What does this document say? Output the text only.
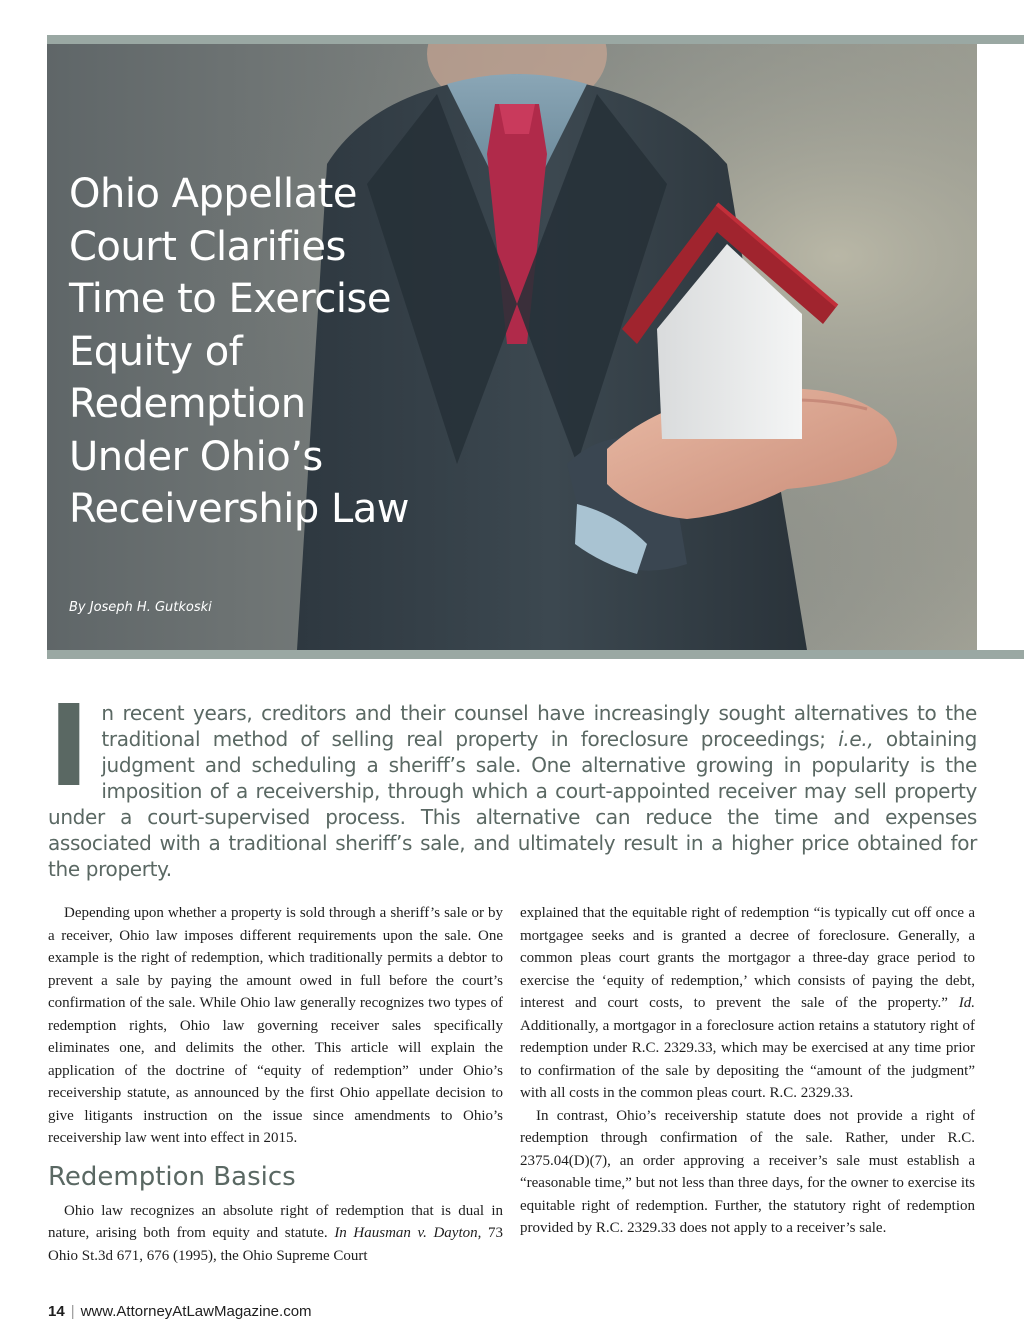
Ohio Appellate Court Clarifies Time to Exercise Equity of Redemption Under Ohio’s Receivership Law
By Joseph H. Gutkoski

In recent years, creditors and their counsel have increasingly sought alternatives to the traditional method of selling real property in foreclosure proceedings; i.e., obtaining judgment and scheduling a sheriff’s sale. One alternative growing in popularity is the imposition of a receivership, through which a court-appointed receiver may sell property under a court-supervised process. This alternative can reduce the time and expenses associated with a traditional sheriff’s sale, and ultimately result in a higher price obtained for the property.

Depending upon whether a property is sold through a sheriff’s sale or by a receiver, Ohio law imposes different requirements upon the sale. One example is the right of redemption, which traditionally permits a debtor to prevent a sale by paying the amount owed in full before the court’s confirmation of the sale. While Ohio law generally recognizes two types of redemption rights, Ohio law governing receiver sales specifically eliminates one, and delimits the other. This article will explain the application of the doctrine of “equity of redemption” under Ohio’s receivership statute, as announced by the first Ohio appellate decision to give litigants instruction on the issue since amendments to Ohio’s receivership law went into effect in 2015.

Redemption Basics

Ohio law recognizes an absolute right of redemption that is dual in nature, arising both from equity and statute. In Hausman v. Dayton, 73 Ohio St.3d 671, 676 (1995), the Ohio Supreme Court

explained that the equitable right of redemption “is typically cut off once a mortgagee seeks and is granted a decree of foreclosure. Generally, a common pleas court grants the mortgagor a three-day grace period to exercise the ‘equity of redemption,’ which consists of paying the debt, interest and court costs, to prevent the sale of the property.” Id. Additionally, a mortgagor in a foreclosure action retains a statutory right of redemption under R.C. 2329.33, which may be exercised at any time prior to confirmation of the sale by depositing the “amount of the judgment” with all costs in the common pleas court. R.C. 2329.33.

In contrast, Ohio’s receivership statute does not provide a right of redemption through confirmation of the sale. Rather, under R.C. 2375.04(D)(7), an order approving a receiver’s sale must establish a “reasonable time,” but not less than three days, for the owner to exercise its equitable right of redemption. Further, the statutory right of redemption provided by R.C. 2329.33 does not apply to a receiver’s sale.

14 | www.AttorneyAtLawMagazine.com
